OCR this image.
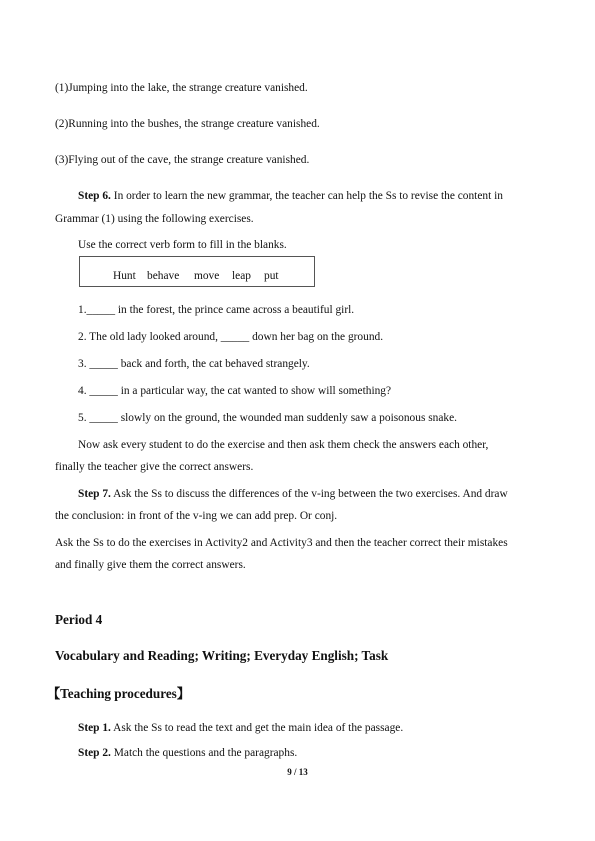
(1)Jumping into the lake, the strange creature vanished.
(2)Running into the bushes, the strange creature vanished.
(3)Flying out of the cave, the strange creature vanished.
Step 6. In order to learn the new grammar, the teacher can help the Ss to revise the content in
Grammar (1) using the following exercises.
Use the correct verb form to fill in the blanks.
Hunt behave move leap put
1._____ in the forest, the prince came across a beautiful girl.
2. The old lady looked around, _____ down her bag on the ground.
3. _____ back and forth, the cat behaved strangely.
4. _____ in a particular way, the cat wanted to show will something?
5. _____ slowly on the ground, the wounded man suddenly saw a poisonous snake.
Now ask every student to do the exercise and then ask them check the answers each other,
finally the teacher give the correct answers.
Step 7. Ask the Ss to discuss the differences of the v-ing between the two exercises. And draw
the conclusion: in front of the v-ing we can add prep. Or conj.
Ask the Ss to do the exercises in Activity2 and Activity3 and then the teacher correct their mistakes
and finally give them the correct answers.
Period 4
Vocabulary and Reading; Writing; Everyday English; Task
【Teaching procedures】
Step 1. Ask the Ss to read the text and get the main idea of the passage.
Step 2. Match the questions and the paragraphs.
9 / 13
